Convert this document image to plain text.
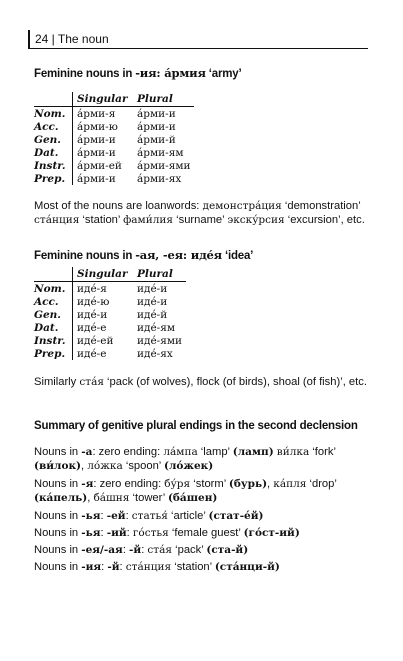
24 | The noun
Feminine nouns in -ия: а́рмия ‘army’
	Singular	Plural
Nom.	а́рми-я	а́рми-и
Acc.	а́рми-ю	а́рми-и
Gen.	а́рми-и	а́рми-й
Dat.	а́рми-и	а́рми-ям
Instr.	а́рми-ей	а́рми-ями
Prep.	а́рми-и	а́рми-ях
Most of the nouns are loanwords: демонстра́ция ‘demonstration’ ста́нция ‘station’ фами́лия ‘surname’ экску́рсия ‘excursion’, etc.
Feminine nouns in -ая, -ея: иде́я ‘idea’
	Singular	Plural
Nom.	иде́-я	иде́-и
Acc.	иде́-ю	иде́-и
Gen.	иде́-и	иде́-й
Dat.	иде́-е	иде́-ям
Instr.	иде́-ей	иде́-ями
Prep.	иде́-е	иде́-ях
Similarly ста́я ‘pack (of wolves), flock (of birds), shoal (of fish)’, etc.
Summary of genitive plural endings in the second declension
Nouns in -а: zero ending: ла́мпа ‘lamp’ (ламп) ви́лка ‘fork’
(ви́лок), ло́жка ‘spoon’ (ло́жек)
Nouns in -я: zero ending: бу́ря ‘storm’ (бурь), ка́пля ‘drop’
(ка́пель), ба́шня ‘tower’ (ба́шен)
Nouns in -ья: -ей: статья́ ‘article’ (стат-е́й)
Nouns in -ья: -ий: го́стья ‘female guest’ (го́ст-ий)
Nouns in -ея/-ая: -й: ста́я ‘pack’ (ста-й)
Nouns in -ия: -й: ста́нция ‘station’ (ста́нци-й)
